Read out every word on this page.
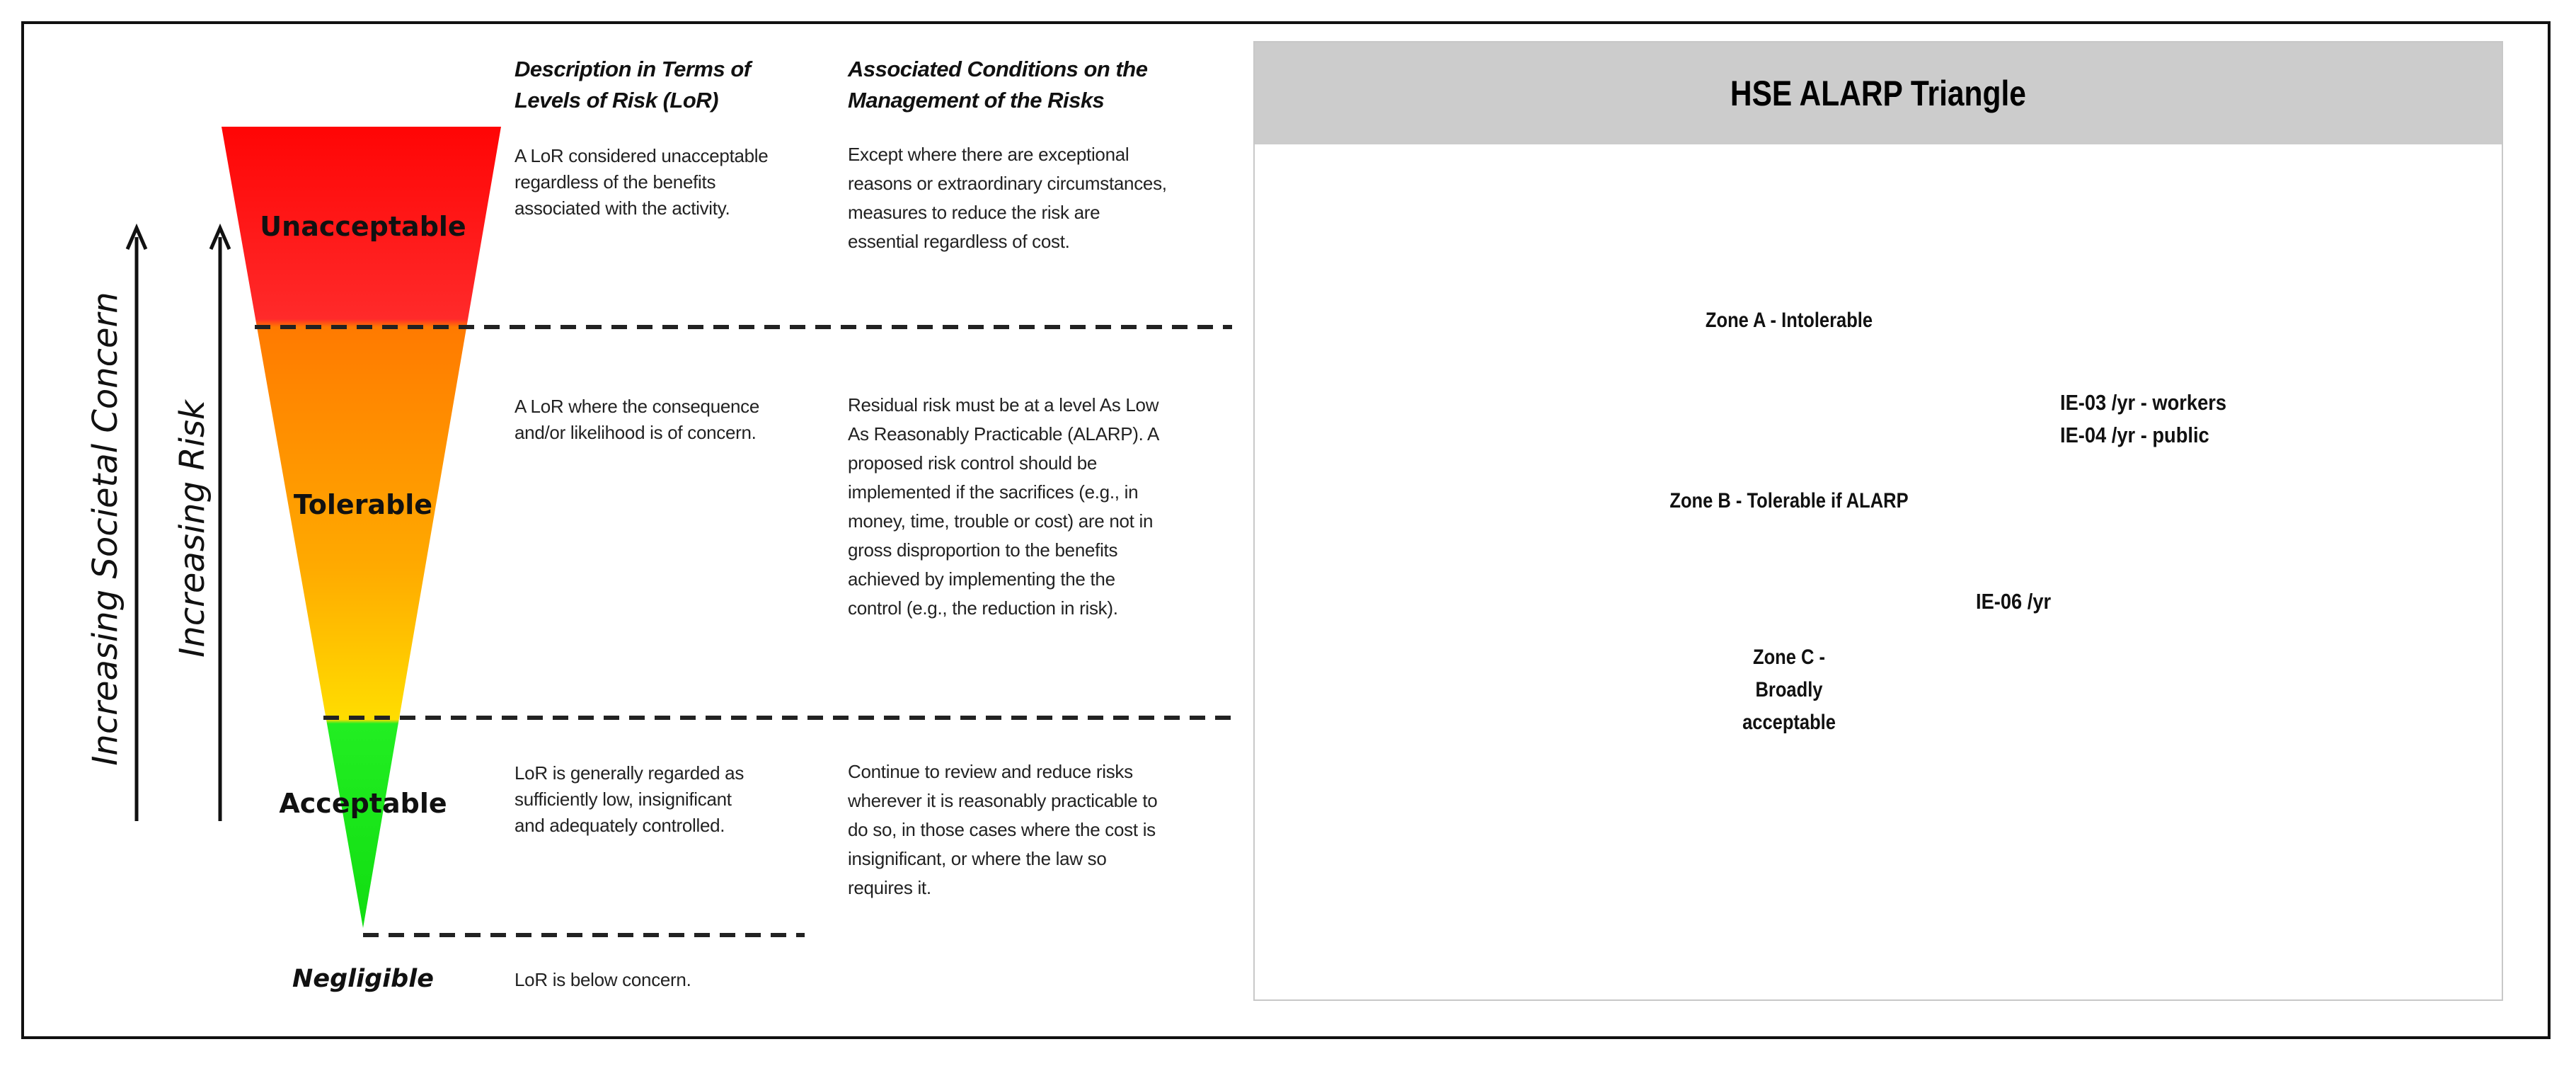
Increasing Societal Concern Increasing Risk
Unacceptable
Tolerable
Acceptable
Negligible
Description in Terms of
Levels of Risk (LoR)
Associated Conditions on the
Management of the Risks
A LoR considered unacceptable
regardless of the benefits
associated with the activity.
Except where there are exceptional
reasons or extraordinary circumstances,
measures to reduce the risk are
essential regardless of cost.
A LoR where the consequence
and/or likelihood is of concern.
Residual risk must be at a level As Low
As Reasonably Practicable (ALARP). A
proposed risk control should be
implemented if the sacrifices (e.g., in
money, time, trouble or cost) are not in
gross disproportion to the benefits
achieved by implementing the the
control (e.g., the reduction in risk).
LoR is generally regarded as
sufficiently low, insignificant
and adequately controlled.
Continue to review and reduce risks
wherever it is reasonably practicable to
do so, in those cases where the cost is
insignificant, or where the law so
requires it.
LoR is below concern.
HSE ALARP Triangle
Zone A - Intolerable
Zone B - Tolerable if ALARP
Zone C -
Broadly
acceptable
IE-03 /yr - workers
IE-04 /yr - public
IE-06 /yr
